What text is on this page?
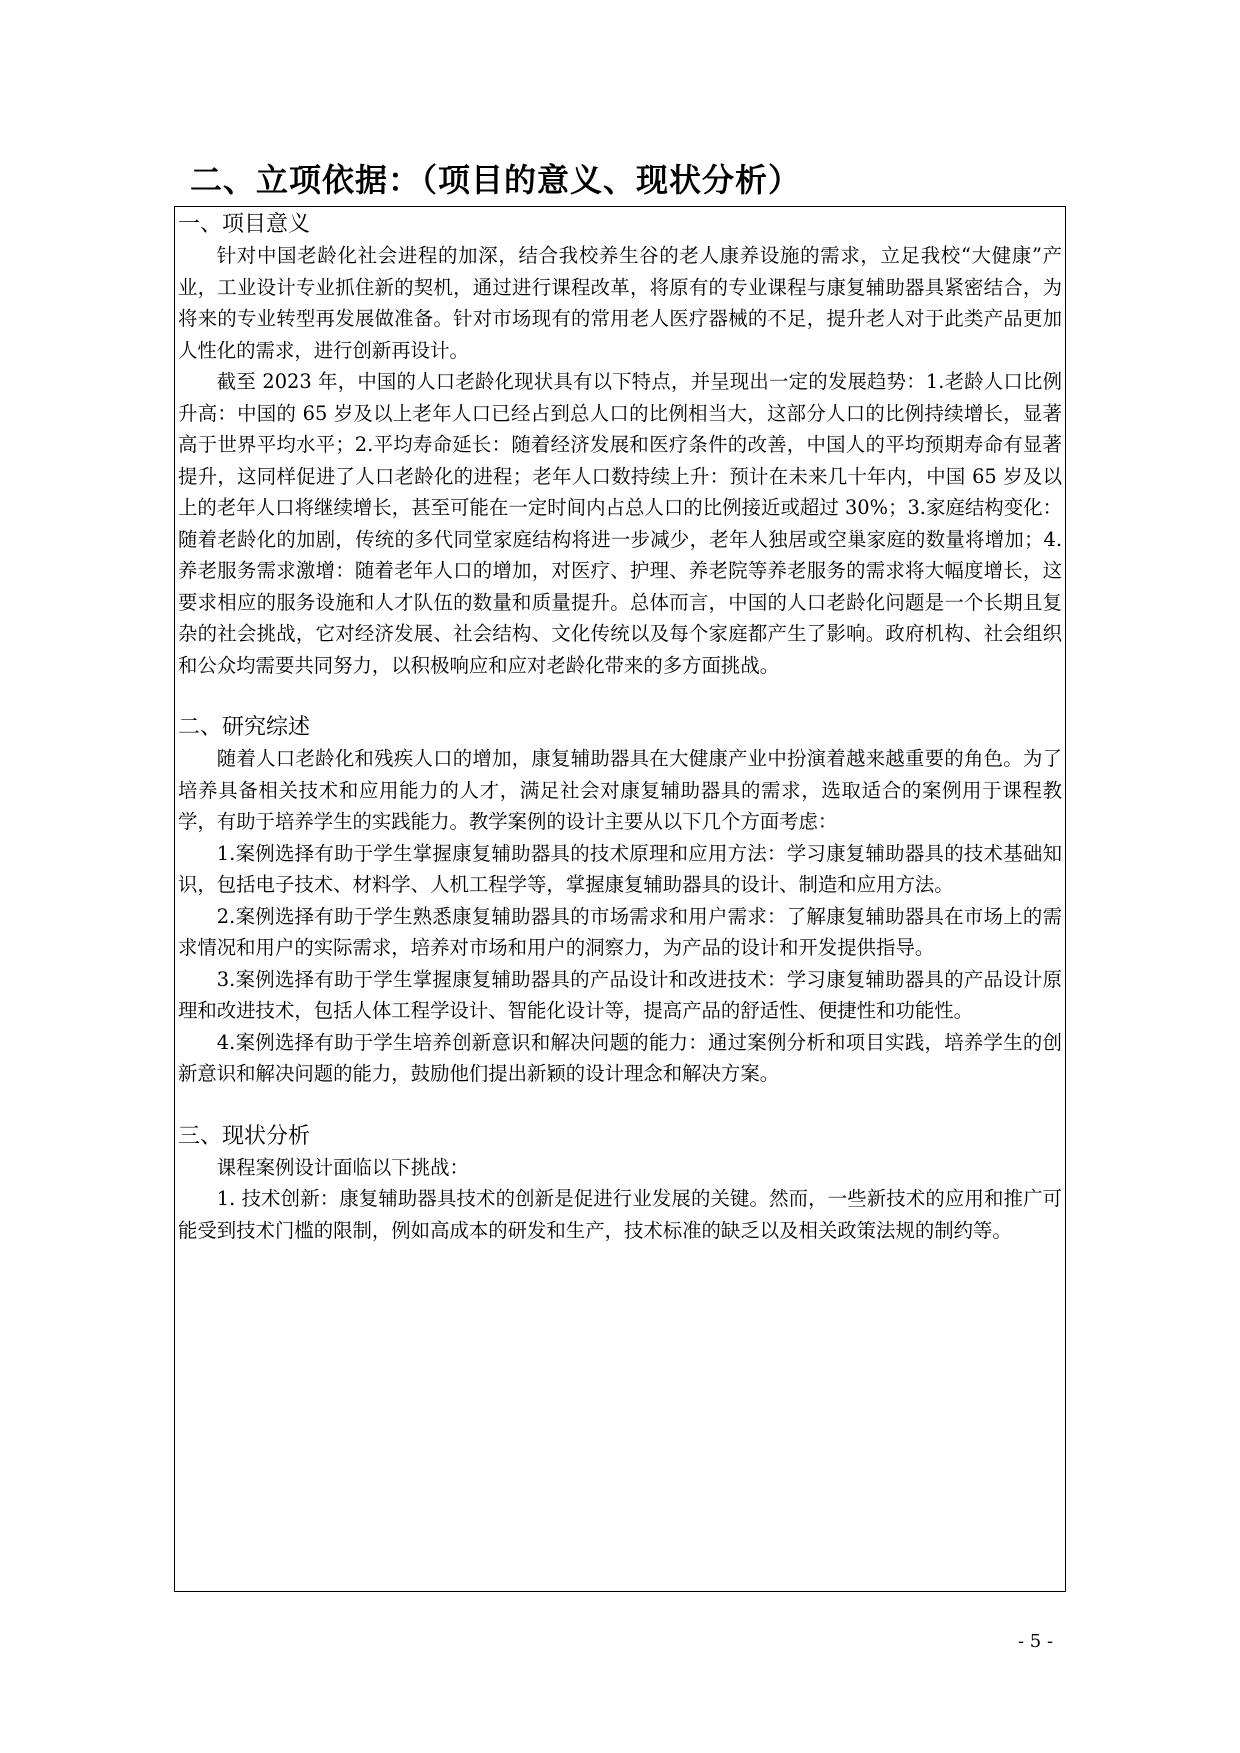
二、立项依据：（项目的意义、现状分析）
一、项目意义

针对中国老龄化社会进程的加深，结合我校养生谷的老人康养设施的需求，立足我校“大健康”产业，工业设计专业抓住新的契机，通过进行课程改革，将原有的专业课程与康复辅助器具紧密结合，为将来的专业转型再发展做准备。针对市场现有的常用老人医疗器械的不足，提升老人对于此类产品更加人性化的需求，进行创新再设计。

截至 2023 年，中国的人口老龄化现状具有以下特点，并呈现出一定的发展趋势：1.老龄人口比例升高：中国的 65 岁及以上老年人口已经占到总人口的比例相当大，这部分人口的比例持续增长，显著高于世界平均水平；2.平均寿命延长：随着经济发展和医疗条件的改善，中国人的平均预期寿命有显著提升，这同样促进了人口老龄化的进程；老年人口数持续上升：预计在未来几十年内，中国 65 岁及以上的老年人口将继续增长，甚至可能在一定时间内占总人口的比例接近或超过 30%；3.家庭结构变化：随着老龄化的加剧，传统的多代同堂家庭结构将进一步减少，老年人独居或空巢家庭的数量将增加；4.养老服务需求激增：随着老年人口的增加，对医疗、护理、养老院等养老服务的需求将大幅度增长，这要求相应的服务设施和人才队伍的数量和质量提升。总体而言，中国的人口老龄化问题是一个长期且复杂的社会挑战，它对经济发展、社会结构、文化传统以及每个家庭都产生了影响。政府机构、社会组织和公众均需要共同努力，以积极响应和应对老龄化带来的多方面挑战。

二、研究综述

随着人口老龄化和残疾人口的增加，康复辅助器具在大健康产业中扮演着越来越重要的角色。为了培养具备相关技术和应用能力的人才，满足社会对康复辅助器具的需求，选取适合的案例用于课程教学，有助于培养学生的实践能力。教学案例的设计主要从以下几个方面考虑：

1.案例选择有助于学生掌握康复辅助器具的技术原理和应用方法：学习康复辅助器具的技术基础知识，包括电子技术、材料学、人机工程学等，掌握康复辅助器具的设计、制造和应用方法。

2.案例选择有助于学生熟悉康复辅助器具的市场需求和用户需求：了解康复辅助器具在市场上的需求情况和用户的实际需求，培养对市场和用户的洞察力，为产品的设计和开发提供指导。

3.案例选择有助于学生掌握康复辅助器具的产品设计和改进技术：学习康复辅助器具的产品设计原理和改进技术，包括人体工程学设计、智能化设计等，提高产品的舒适性、便捷性和功能性。

4.案例选择有助于学生培养创新意识和解决问题的能力：通过案例分析和项目实践，培养学生的创新意识和解决问题的能力，鼓励他们提出新颖的设计理念和解决方案。

三、现状分析

课程案例设计面临以下挑战：

1. 技术创新：康复辅助器具技术的创新是促进行业发展的关键。然而，一些新技术的应用和推广可能受到技术门槛的限制，例如高成本的研发和生产，技术标准的缺乏以及相关政策法规的制约等。

- 5 -
